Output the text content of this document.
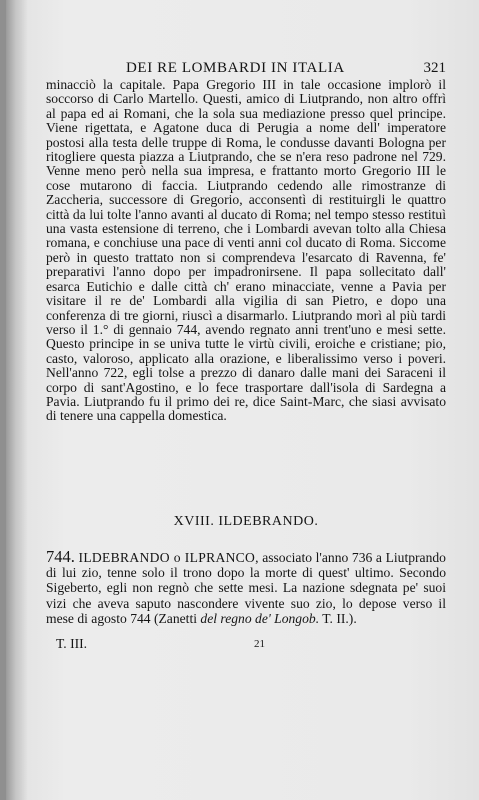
DEI RE LOMBARDI IN ITALIA	321

minacciò la capitale. Papa Gregorio III in tale occasione implorò il soccorso di Carlo Martello. Questi, amico di Liutprando, non altro offrì al papa ed ai Romani, che la sola sua mediazione presso quel principe. Viene rigettata, e Agatone duca di Perugia a nome dell' imperatore postosi alla testa delle truppe di Roma, le condusse davanti Bologna per ritogliere questa piazza a Liutprando, che se n'era reso padrone nel 729. Venne meno però nella sua impresa, e frattanto morto Gregorio III le cose mutarono di faccia. Liutprando cedendo alle rimostranze di Zaccheria, successore di Gregorio, acconsentì di restituirgli le quattro città da lui tolte l'anno avanti al ducato di Roma; nel tempo stesso restituì una vasta estensione di terreno, che i Lombardi avevan tolto alla Chiesa romana, e conchiuse una pace di venti anni col ducato di Roma. Siccome però in questo trattato non si comprendeva l'esarcato di Ravenna, fe' preparativi l'anno dopo per impadronirsene. Il papa sollecitato dall' esarca Eutichio e dalle città ch' erano minacciate, venne a Pavia per visitare il re de' Lombardi alla vigilia di san Pietro, e dopo una conferenza di tre giorni, riuscì a disarmarlo. Liutprando morì al più tardi verso il 1.° di gennaio 744, avendo regnato anni trent'uno e mesi sette. Questo principe in se univa tutte le virtù civili, eroiche e cristiane; pio, casto, valoroso, applicato alla orazione, e liberalissimo verso i poveri. Nell'anno 722, egli tolse a prezzo di danaro dalle mani dei Saraceni il corpo di sant'Agostino, e lo fece trasportare dall'isola di Sardegna a Pavia. Liutprando fu il primo dei re, dice Saint-Marc, che siasi avvisato di tenere una cappella domestica.

XVIII. ILDEBRANDO.

744. ILDEBRANDO o ILPRANCO, associato l'anno 736 a Liutprando di lui zio, tenne solo il trono dopo la morte di quest' ultimo. Secondo Sigeberto, egli non regnò che sette mesi. La nazione sdegnata pe' suoi vizi che aveva saputo nascondere vivente suo zio, lo depose verso il mese di agosto 744 (Zanetti del regno de' Longob. T. II.).

T. III.	21
